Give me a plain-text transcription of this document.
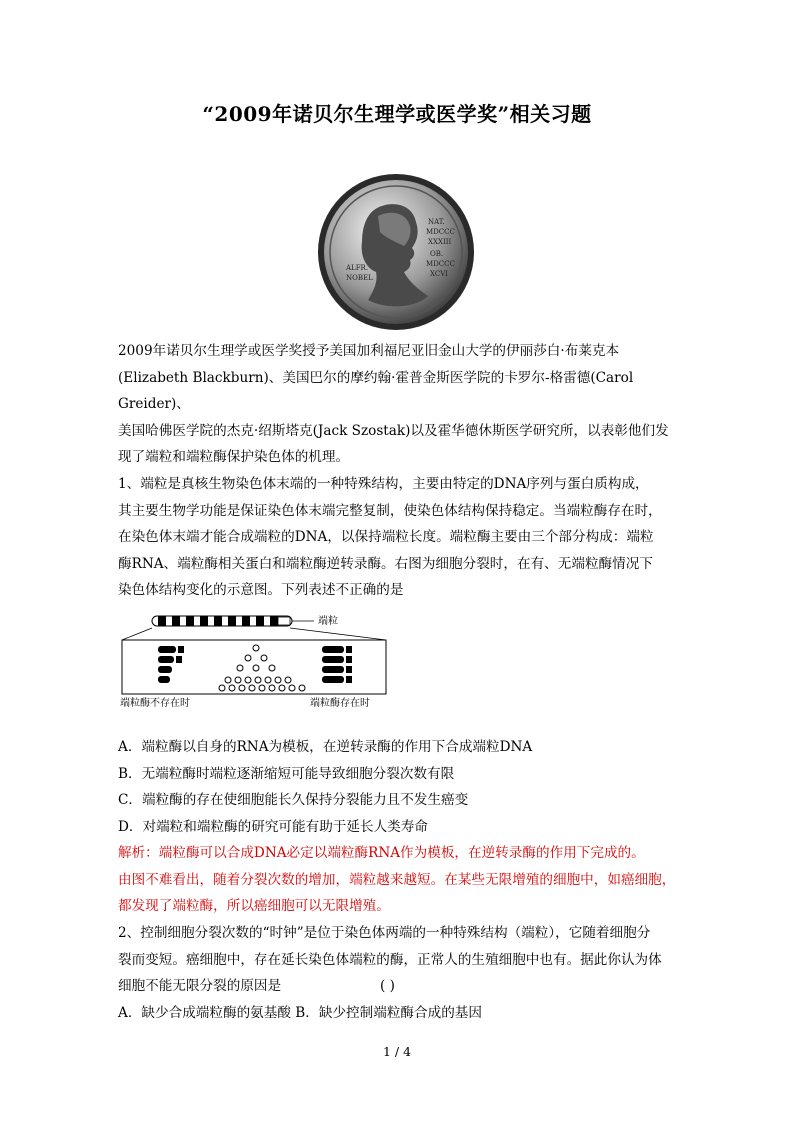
“2009年诺贝尔生理学或医学奖”相关习题
NAT.
MDCCC
XXXIII
OB.
MDCCC
XCVI
ALFR.
NOBEL
2009年诺贝尔生理学或医学奖授予美国加利福尼亚旧金山大学的伊丽莎白·布莱克本
(Elizabeth Blackburn)、美国巴尔的摩约翰·霍普金斯医学院的卡罗尔-格雷德(Carol Greider)、
美国哈佛医学院的杰克·绍斯塔克(Jack Szostak)以及霍华德休斯医学研究所，以表彰他们发
现了端粒和端粒酶保护染色体的机理。
1、端粒是真核生物染色体末端的一种特殊结构，主要由特定的DNA序列与蛋白质构成，
其主要生物学功能是保证染色体末端完整复制，使染色体结构保持稳定。当端粒酶存在时，
在染色体末端才能合成端粒的DNA，以保持端粒长度。端粒酶主要由三个部分构成：端粒
酶RNA、端粒酶相关蛋白和端粒酶逆转录酶。右图为细胞分裂时，在有、无端粒酶情况下
染色体结构变化的示意图。下列表述不正确的是
端粒
端粒酶不存在时	端粒酶存在时
A．端粒酶以自身的RNA为模板，在逆转录酶的作用下合成端粒DNA
B．无端粒酶时端粒逐渐缩短可能导致细胞分裂次数有限
C．端粒酶的存在使细胞能长久保持分裂能力且不发生癌变
D．对端粒和端粒酶的研究可能有助于延长人类寿命
解析：端粒酶可以合成DNA必定以端粒酶RNA作为模板，在逆转录酶的作用下完成的。
由图不难看出，随着分裂次数的增加，端粒越来越短。在某些无限增殖的细胞中，如癌细胞，
都发现了端粒酶，所以癌细胞可以无限增殖。
2、控制细胞分裂次数的“时钟”是位于染色体两端的一种特殊结构（端粒），它随着细胞分
裂而变短。癌细胞中，存在延长染色体端粒的酶，正常人的生殖细胞中也有。据此你认为体
细胞不能无限分裂的原因是	( )
A．缺少合成端粒酶的氨基酸 B．缺少控制端粒酶合成的基因
1 / 4
